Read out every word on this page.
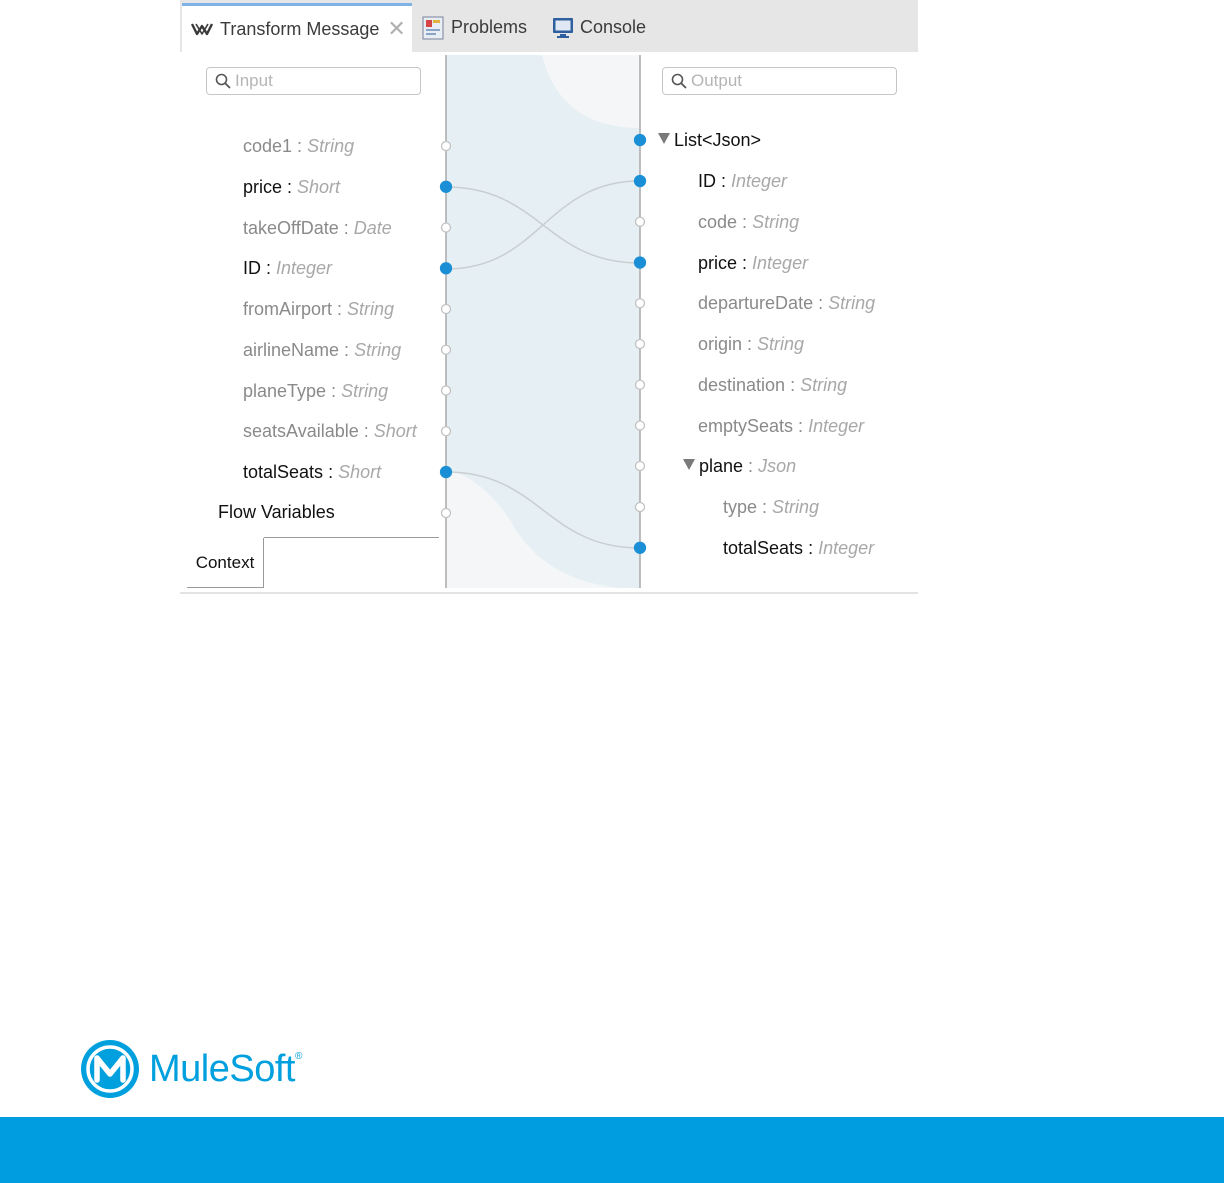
Transform Message ✕	Problems	Console
Input
Output
code1 : String
price : Short
takeOffDate : Date
ID : Integer
fromAirport : String
airlineName : String
planeType : String
seatsAvailable : Short
totalSeats : Short
Flow Variables
List<Json>
ID : Integer
code : String
price : Integer
departureDate : String
origin : String
destination : String
emptySeats : Integer
plane : Json
type : String
totalSeats : Integer
Context
MuleSoft®
